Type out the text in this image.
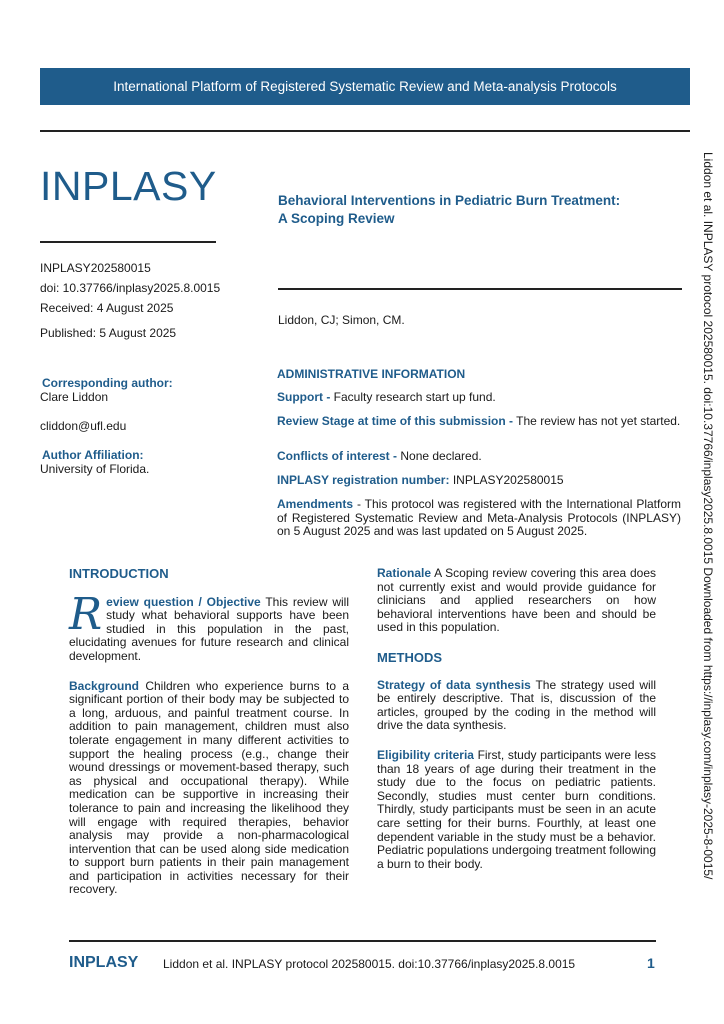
International Platform of Registered Systematic Review and Meta-analysis Protocols
INPLASY
INPLASY202580015
doi: 10.37766/inplasy2025.8.0015
Received: 4 August 2025
Published: 5 August 2025
Corresponding author:
Clare Liddon
cliddon@ufl.edu
Author Affiliation:
University of Florida.
Behavioral Interventions in Pediatric Burn Treatment:
A Scoping Review
Liddon, CJ; Simon, CM.
ADMINISTRATIVE INFORMATION
Support - Faculty research start up fund.
Review Stage at time of this submission - The review has not yet started.
Conflicts of interest - None declared.
INPLASY registration number: INPLASY202580015
Amendments - This protocol was registered with the International Platform of Registered Systematic Review and Meta-Analysis Protocols (INPLASY) on 5 August 2025 and was last updated on 5 August 2025.	Liddon et al. INPLASY protocol 202580015. doi:10.37766/inplasy2025.8.0015 Downloaded from https://inplasy.com/inplasy-2025-8-0015/
INTRODUCTION
Review question / Objective This review will study what behavioral supports have been studied in this population in the past, elucidating avenues for future research and clinical development.
Background Children who experience burns to a significant portion of their body may be subjected to a long, arduous, and painful treatment course. In addition to pain management, children must also tolerate engagement in many different activities to support the healing process (e.g., change their wound dressings or movement-based therapy, such as physical and occupational therapy). While medication can be supportive in increasing their tolerance to pain and increasing the likelihood they will engage with required therapies, behavior analysis may provide a non-pharmacological intervention that can be used along side medication to support burn patients in their pain management and participation in activities necessary for their recovery.
Rationale A Scoping review covering this area does not currently exist and would provide guidance for clinicians and applied researchers on how behavioral interventions have been and should be used in this population.
METHODS
Strategy of data synthesis The strategy used will be entirely descriptive. That is, discussion of the articles, grouped by the coding in the method will drive the data synthesis.
Eligibility criteria First, study participants were less than 18 years of age during their treatment in the study due to the focus on pediatric patients. Secondly, studies must center burn conditions. Thirdly, study participants must be seen in an acute care setting for their burns. Fourthly, at least one dependent variable in the study must be a behavior. Pediatric populations undergoing treatment following a burn to their body.
INPLASY Liddon et al. INPLASY protocol 202580015. doi:10.37766/inplasy2025.8.0015	1
